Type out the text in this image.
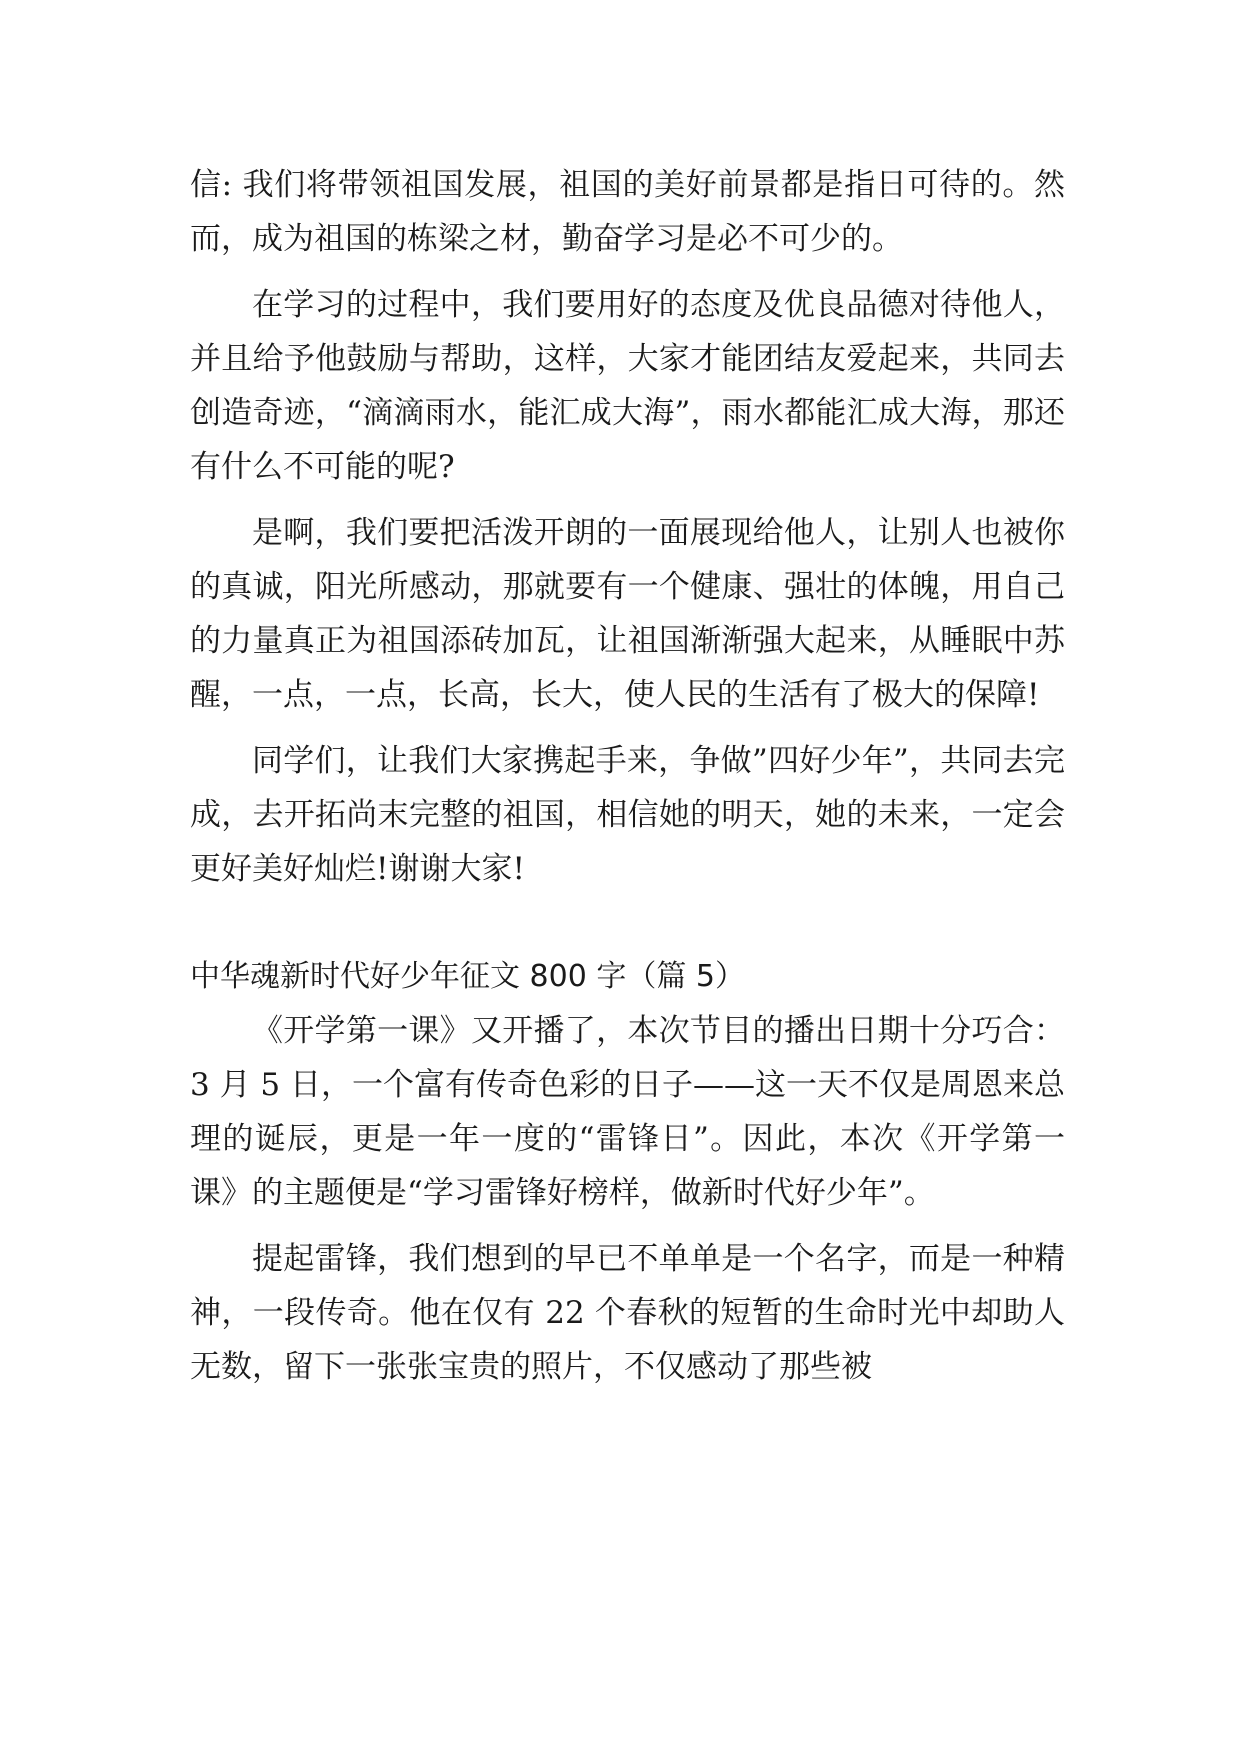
信: 我们将带领祖国发展，祖国的美好前景都是指日可待的。然而，成为祖国的栋梁之材，勤奋学习是必不可少的。

在学习的过程中，我们要用好的态度及优良品德对待他人，并且给予他鼓励与帮助，这样，大家才能团结友爱起来，共同去创造奇迹，“滴滴雨水，能汇成大海”，雨水都能汇成大海，那还有什么不可能的呢?

是啊，我们要把活泼开朗的一面展现给他人，让别人也被你的真诚，阳光所感动，那就要有一个健康、强壮的体魄，用自己的力量真正为祖国添砖加瓦，让祖国渐渐强大起来，从睡眠中苏醒，一点，一点，长高，长大，使人民的生活有了极大的保障!

同学们，让我们大家携起手来，争做”四好少年”，共同去完成，去开拓尚末完整的祖国，相信她的明天，她的未来，一定会更好美好灿烂!谢谢大家!

中华魂新时代好少年征文 800 字（篇 5）

《开学第一课》又开播了，本次节目的播出日期十分巧合：3 月 5 日，一个富有传奇色彩的日子——这一天不仅是周恩来总理的诞辰，更是一年一度的“雷锋日”。因此，本次《开学第一课》的主题便是“学习雷锋好榜样，做新时代好少年”。

提起雷锋，我们想到的早已不单单是一个名字，而是一种精神，一段传奇。他在仅有 22 个春秋的短暂的生命时光中却助人无数，留下一张张宝贵的照片，不仅感动了那些被
